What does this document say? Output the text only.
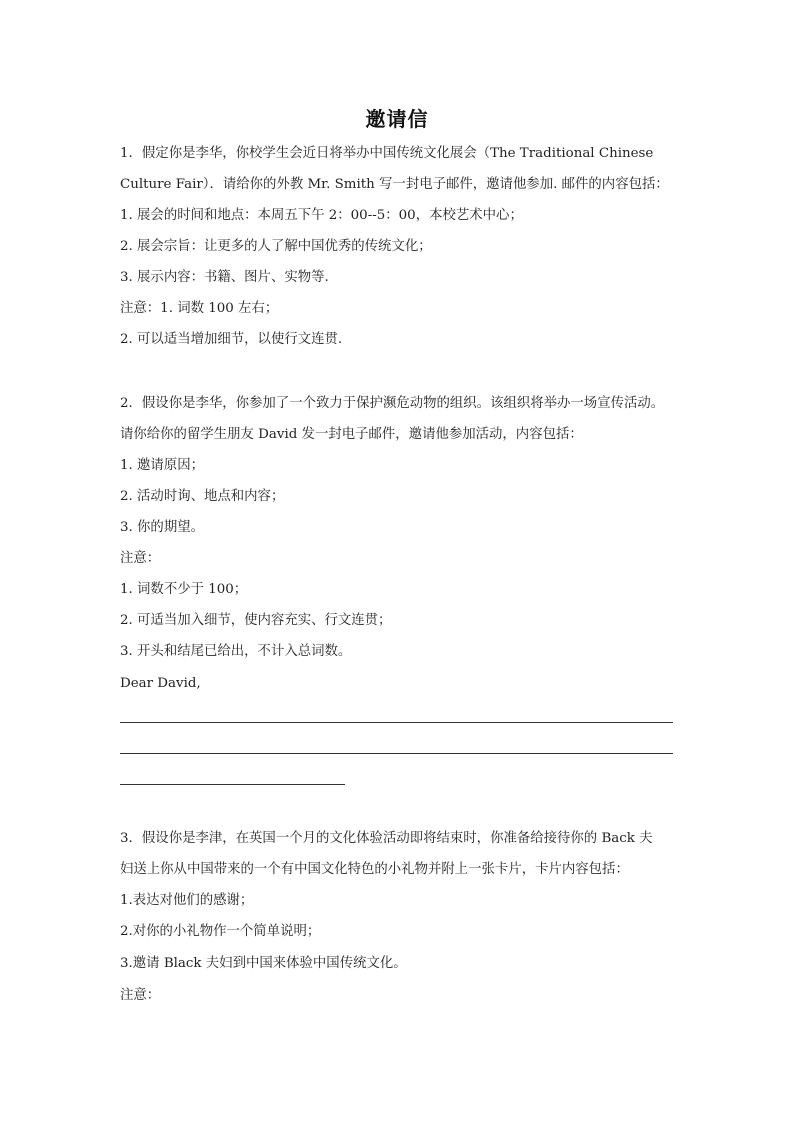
邀请信
1．假定你是李华，你校学生会近日将举办中国传统文化展会（The Traditional Chinese
Culture Fair）．请给你的外教 Mr. Smith 写一封电子邮件，邀请他参加. 邮件的内容包括：
1. 展会的时间和地点：本周五下午 2：00--5：00，本校艺术中心；
2. 展会宗旨：让更多的人了解中国优秀的传统文化；
3. 展示内容：书籍、图片、实物等.
注意：1. 词数 100 左右；
2. 可以适当增加细节，以使行文连贯.
2．假设你是李华，你参加了一个致力于保护濒危动物的组织。该组织将举办一场宣传活动。
请你给你的留学生朋友 David 发一封电子邮件，邀请他参加活动，内容包括：
1. 邀请原因；
2. 活动时询、地点和内容；
3. 你的期望。
注意：
1. 词数不少于 100；
2. 可适当加入细节，使内容充实、行文连贯；
3. 开头和结尾已给出，不计入总词数。
Dear David,
3．假设你是李津，在英国一个月的文化体验活动即将结束时，你准备给接待你的 Back 夫
妇送上你从中国带来的一个有中国文化特色的小礼物并附上一张卡片，卡片内容包括：
1.表达对他们的感谢；
2.对你的小礼物作一个简单说明；
3.邀请 Black 夫妇到中国来体验中国传统文化。
注意：
